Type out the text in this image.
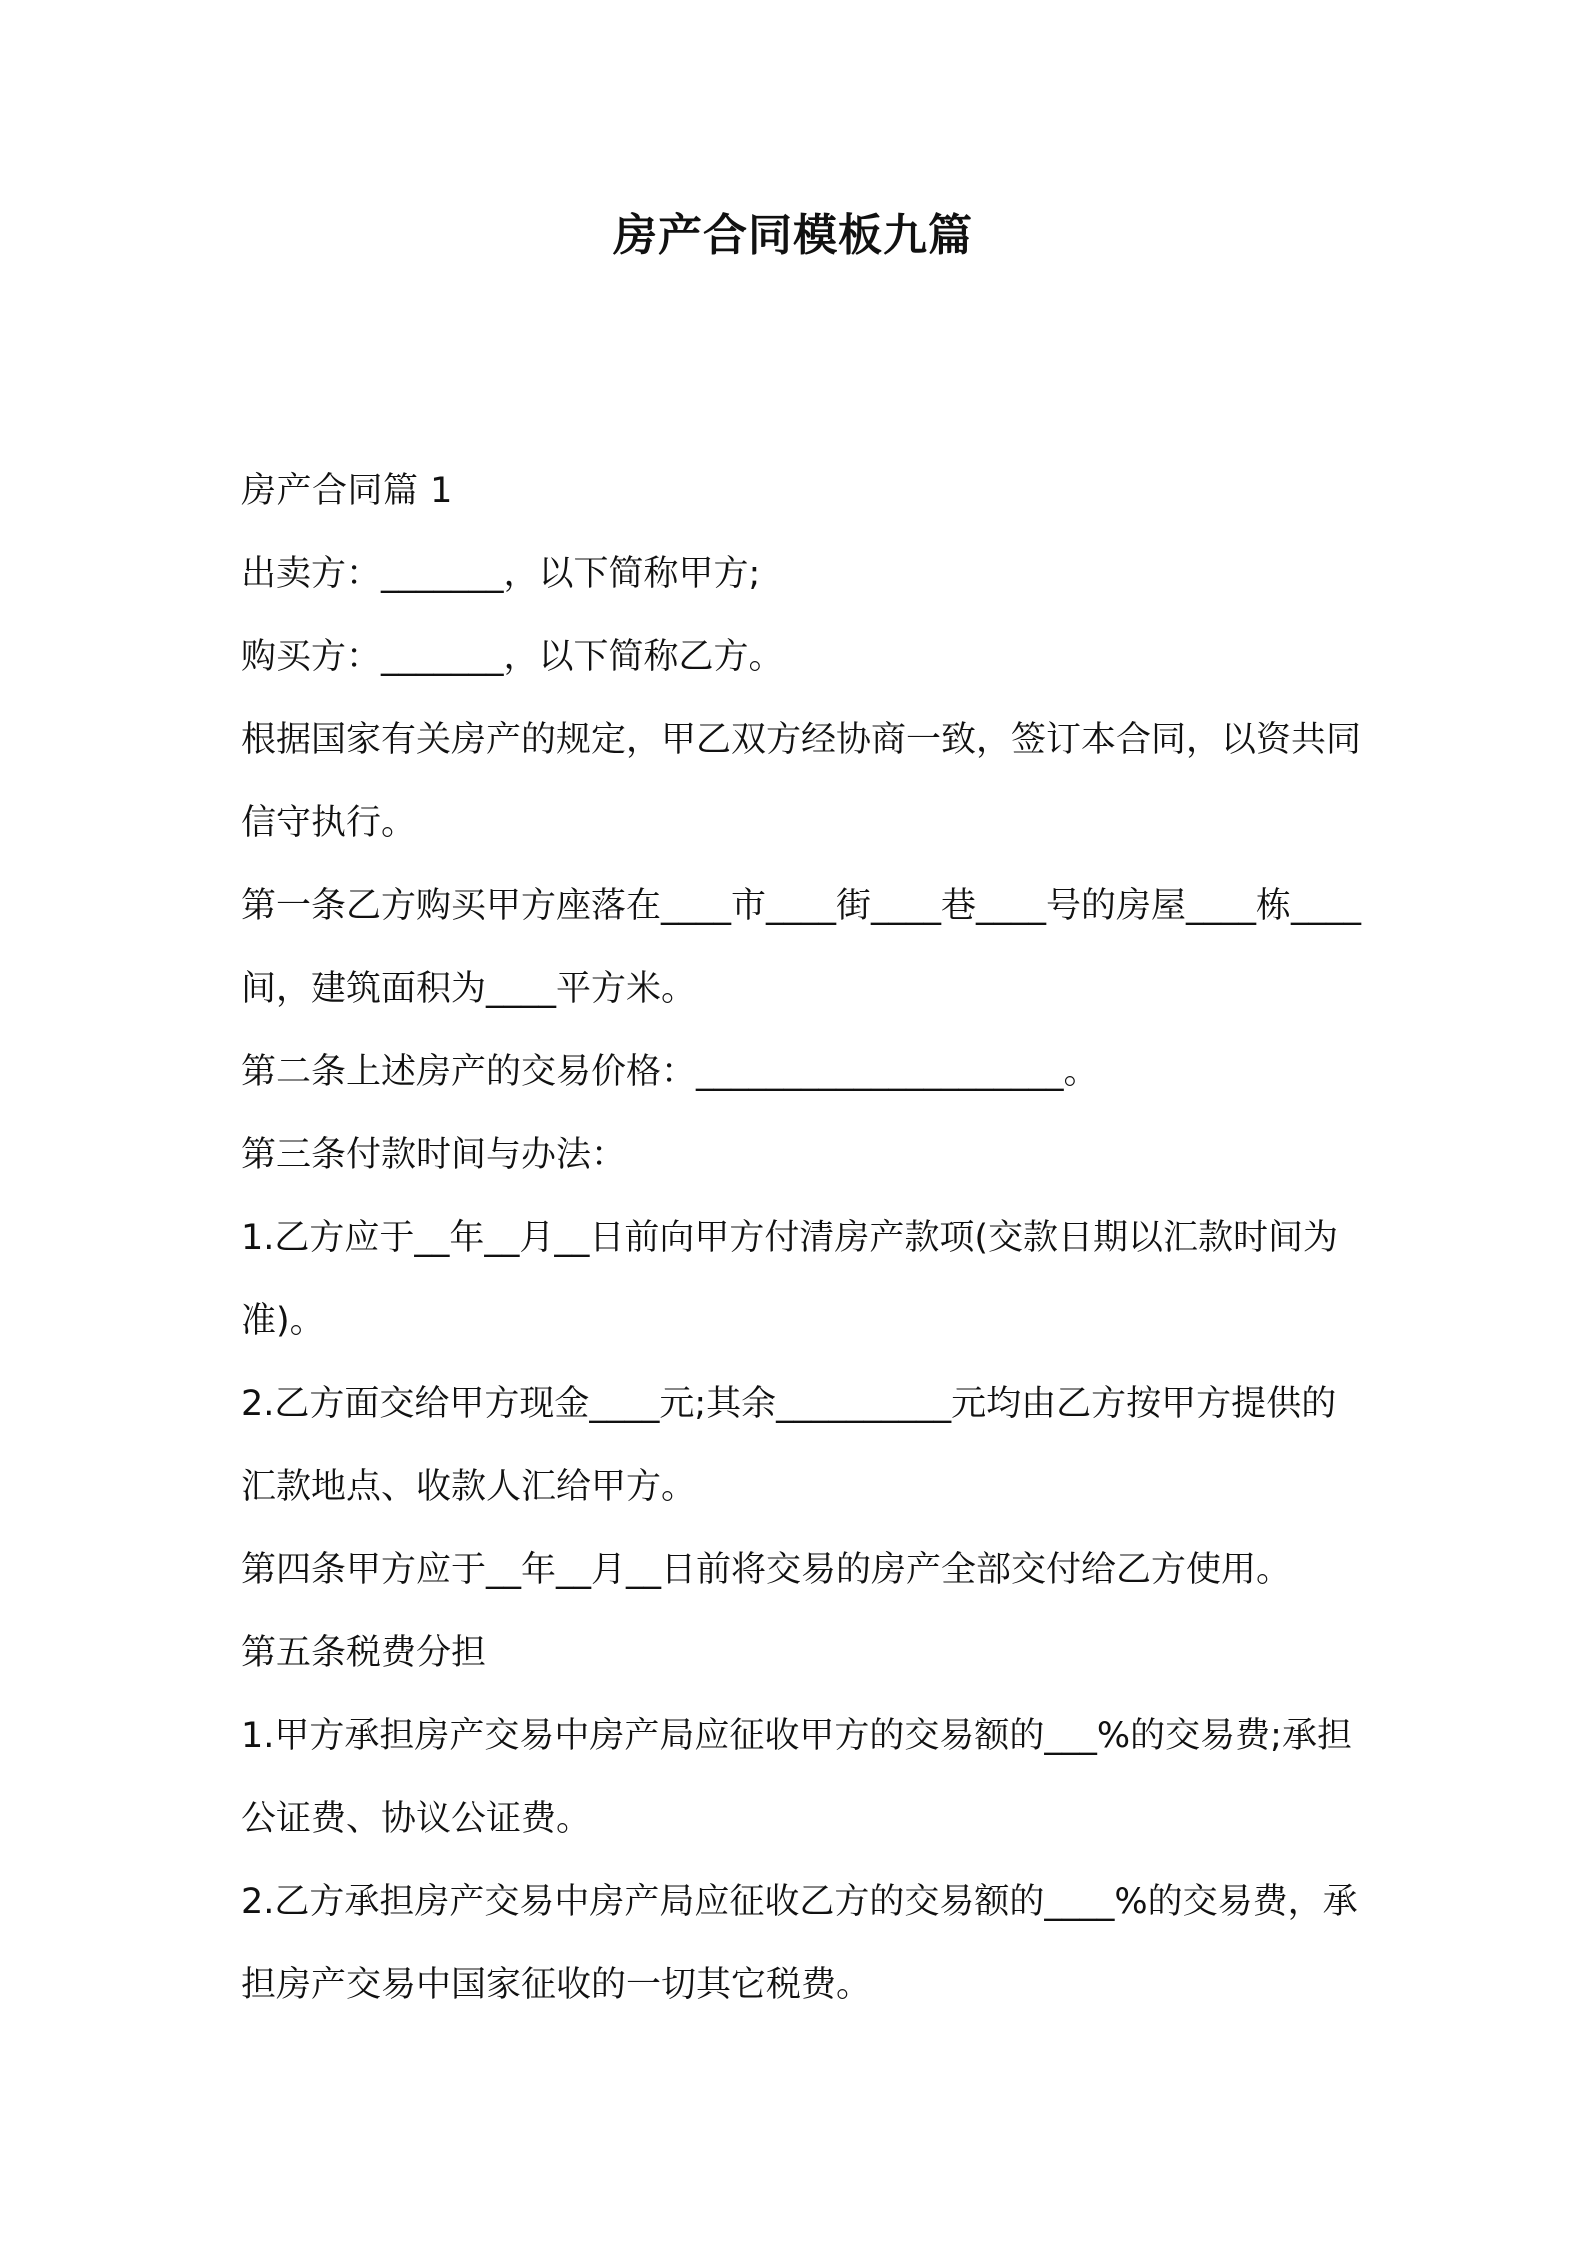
房产合同模板九篇

房产合同篇 1

出卖方：_______，以下简称甲方;

购买方：_______，以下简称乙方。

根据国家有关房产的规定，甲乙双方经协商一致，签订本合同，以资共同信守执行。

第一条乙方购买甲方座落在____市____街____巷____号的房屋____栋____间，建筑面积为____平方米。

第二条上述房产的交易价格：_____________________。

第三条付款时间与办法：

1.乙方应于__年__月__日前向甲方付清房产款项(交款日期以汇款时间为准)。

2.乙方面交给甲方现金____元;其余__________元均由乙方按甲方提供的汇款地点、收款人汇给甲方。

第四条甲方应于__年__月__日前将交易的房产全部交付给乙方使用。

第五条税费分担

1.甲方承担房产交易中房产局应征收甲方的交易额的___%的交易费;承担公证费、协议公证费。

2.乙方承担房产交易中房产局应征收乙方的交易额的____%的交易费，承担房产交易中国家征收的一切其它税费。
